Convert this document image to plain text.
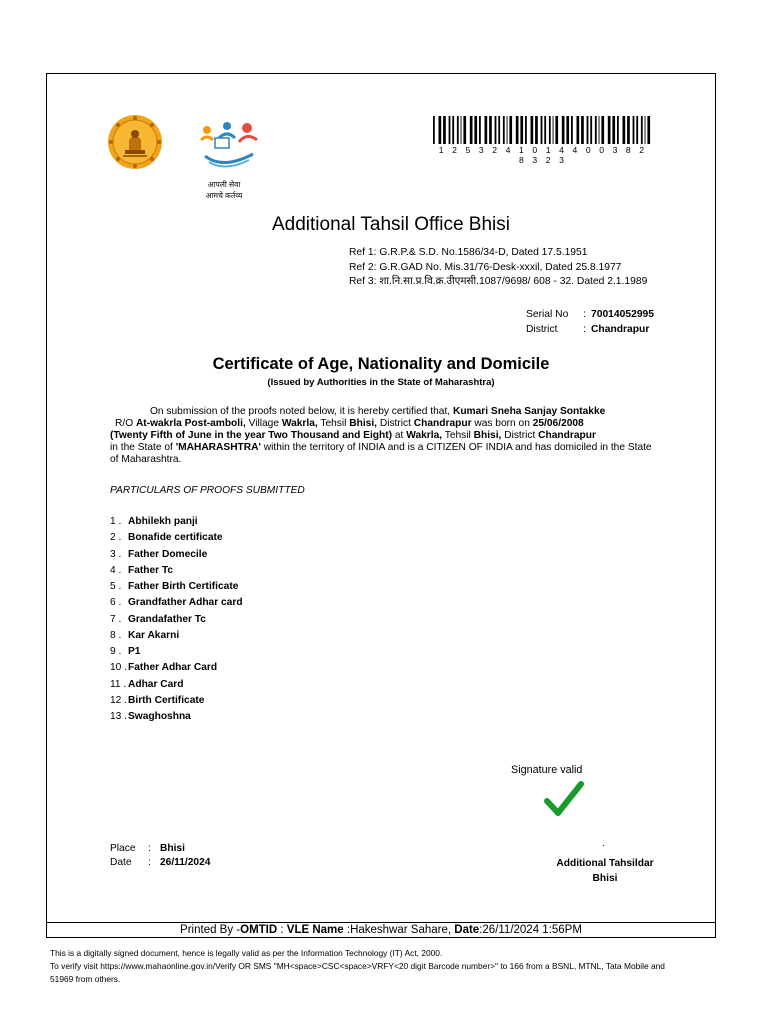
आपली सेवा
आमचे कर्तव्य
1 2 5 3 2 4 1 0 1 4 4 0 0 3 8 2 8 3 2 3
Additional Tahsil Office Bhisi
Ref 1: G.R.P.& S.D. No.1586/34-D, Dated 17.5.1951
Ref 2: G.R.GAD No. Mis.31/76-Desk-xxxil, Dated 25.8.1977
Ref 3: शा.नि.सा.प्र.वि.क्र.उीएमसी.1087/9698/ 608 - 32. Dated 2.1.1989
Serial No	:	70014052995
District	:	Chandrapur
Certificate of Age, Nationality and Domicile
(Issued by Authorities in the State of Maharashtra)
On submission of the proofs noted below, it is hereby certified that, Kumari Sneha Sanjay Sontakke
R/O At-wakrla Post-amboli, Village Wakrla, Tehsil Bhisi, District Chandrapur was born on 25/06/2008
(Twenty Fifth of June in the year Two Thousand and Eight) at Wakrla, Tehsil Bhisi, District Chandrapur
in the State of 'MAHARASHTRA' within the territory of INDIA and is a CITIZEN OF INDIA and has domiciled in the State of Maharashtra.
PARTICULARS OF PROOFS SUBMITTED
1 . Abhilekh panji
2 . Bonafide certificate
3 . Father Domecile
4 . Father Tc
5 . Father Birth Certificate
6 . Grandfather Adhar card
7 . Grandafather Tc
8 . Kar Akarni
9 . P1
10 .Father Adhar Card
11 . Adhar Card
12 .Birth Certificate
13 .Swaghoshna
Signature valid
Place	:	Bhisi
Date	:	26/11/2024
.
Additional Tahsildar
Bhisi
Printed By -OMTID : VLE Name :Hakeshwar Sahare, Date:26/11/2024 1:56PM
This is a digitally signed document, hence is legally valid as per the Information Technology (IT) Act, 2000.
To verify visit https://www.mahaonline.gov.in/Verify OR SMS "MH<space>CSC<space>VRFY<20 digit Barcode number>" to 166 from a BSNL, MTNL, Tata Mobile and
51969 from others.
